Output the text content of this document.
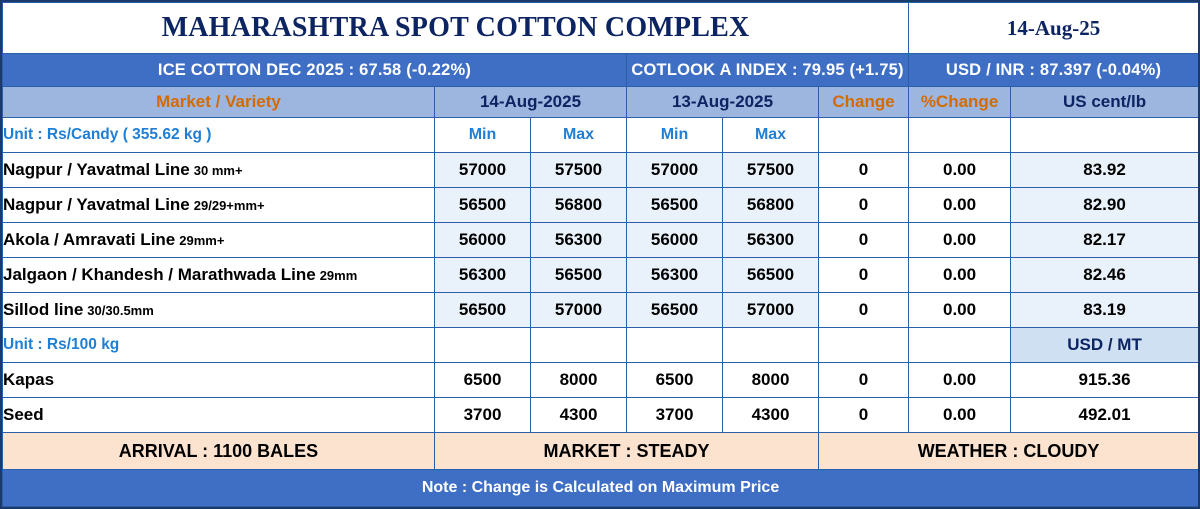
MAHARASHTRA SPOT COTTON COMPLEX						14-Aug-25	
ICE COTTON DEC 2025 : 67.58 (-0.22%)			COTLOOK A INDEX : 79.95 (+1.75)			USD / INR : 87.397 (-0.04%)	
Market / Variety	14-Aug-2025		13-Aug-2025		Change	%Change	US cent/lb
Unit : Rs/Candy ( 355.62 kg )	Min	Max	Min	Max			
Nagpur / Yavatmal Line 30 mm+	57000	57500	57000	57500	0	0.00	83.92
Nagpur / Yavatmal Line 29/29+mm+	56500	56800	56500	56800	0	0.00	82.90
Akola / Amravati Line 29mm+	56000	56300	56000	56300	0	0.00	82.17
Jalgaon / Khandesh / Marathwada Line 29mm	56300	56500	56300	56500	0	0.00	82.46
Sillod line 30/30.5mm	56500	57000	56500	57000	0	0.00	83.19
Unit : Rs/100 kg							USD / MT
Kapas	6500	8000	6500	8000	0	0.00	915.36
Seed	3700	4300	3700	4300	0	0.00	492.01
ARRIVAL : 1100 BALES	MARKET : STEADY				WEATHER : CLOUDY		
Note : Change is Calculated on Maximum Price							
